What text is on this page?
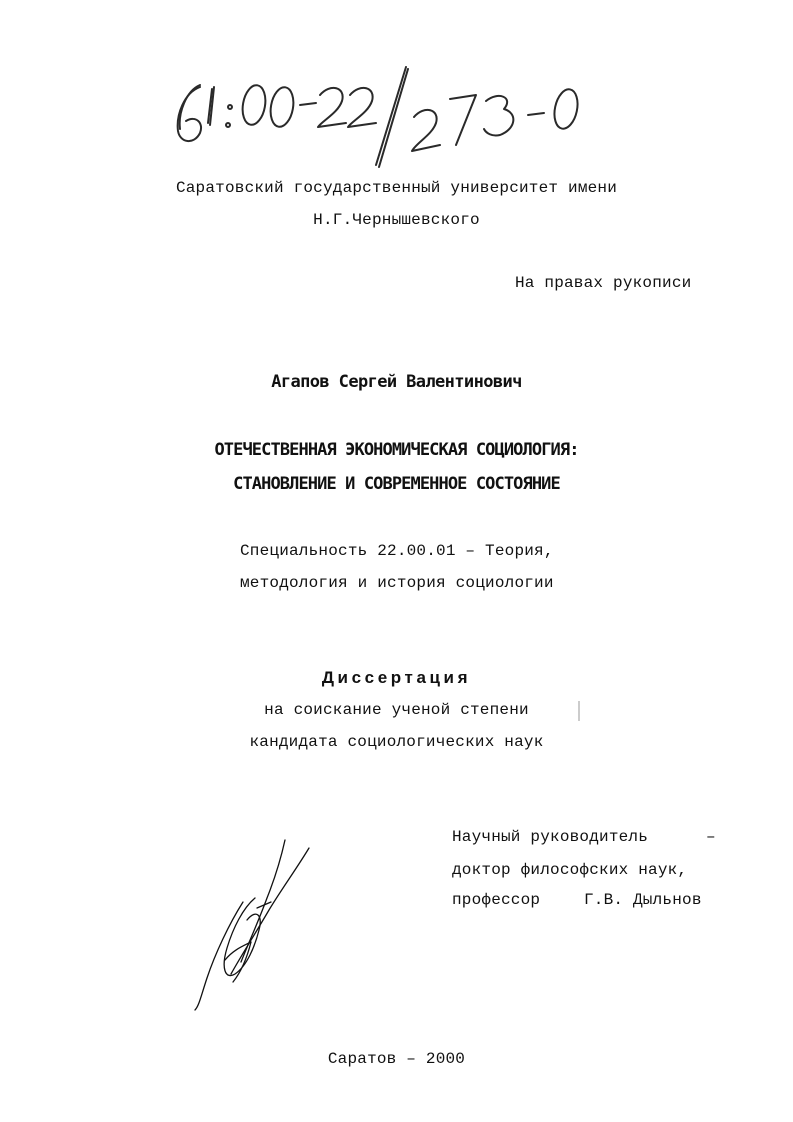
Саратовский государственный университет имени
Н.Г.Чернышевского
На правах рукописи
Агапов Сергей Валентинович
ОТЕЧЕСТВЕННАЯ ЭКОНОМИЧЕСКАЯ СОЦИОЛОГИЯ:
СТАНОВЛЕНИЕ И СОВРЕМЕННОЕ СОСТОЯНИЕ
Специальность 22.00.01 – Теория,
методология и история социологии
Диссертация
на соискание ученой степени
кандидата социологических наук
Научный руководитель	–
доктор философских наук,
профессор	Г.В. Дыльнов
Саратов – 2000
